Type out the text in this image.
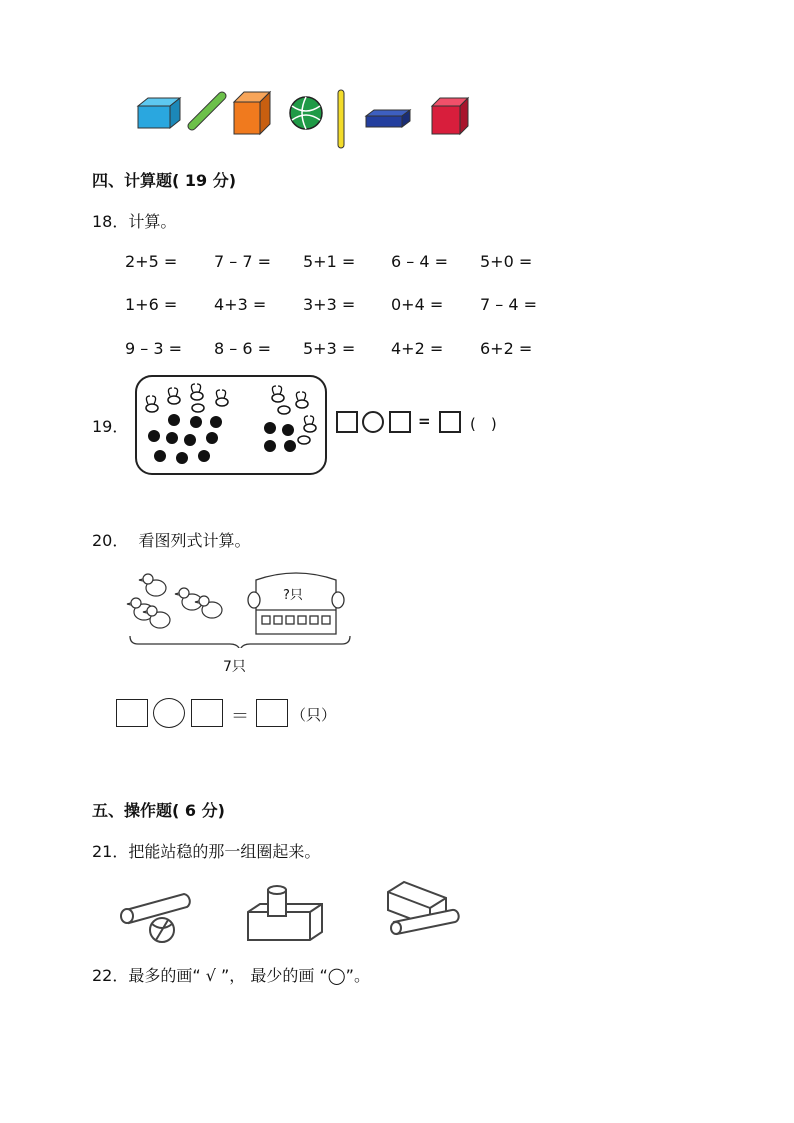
四、计算题( 19 分)
18．计算。
2+5 = 7 – 7 = 5+1 = 6 – 4 = 5+0 =
1+6 = 4+3 = 3+3 = 0+4 = 7 – 4 =
9 – 3 = 8 – 6 = 5+3 = 4+2 = 6+2 =
19．	=	(　)
20．  看图列式计算。
?只
7只
＝	（只）
五、操作题( 6 分)
21．把能站稳的那一组圈起来。
22．最多的画“ √ ”， 最少的画 “◯”。
